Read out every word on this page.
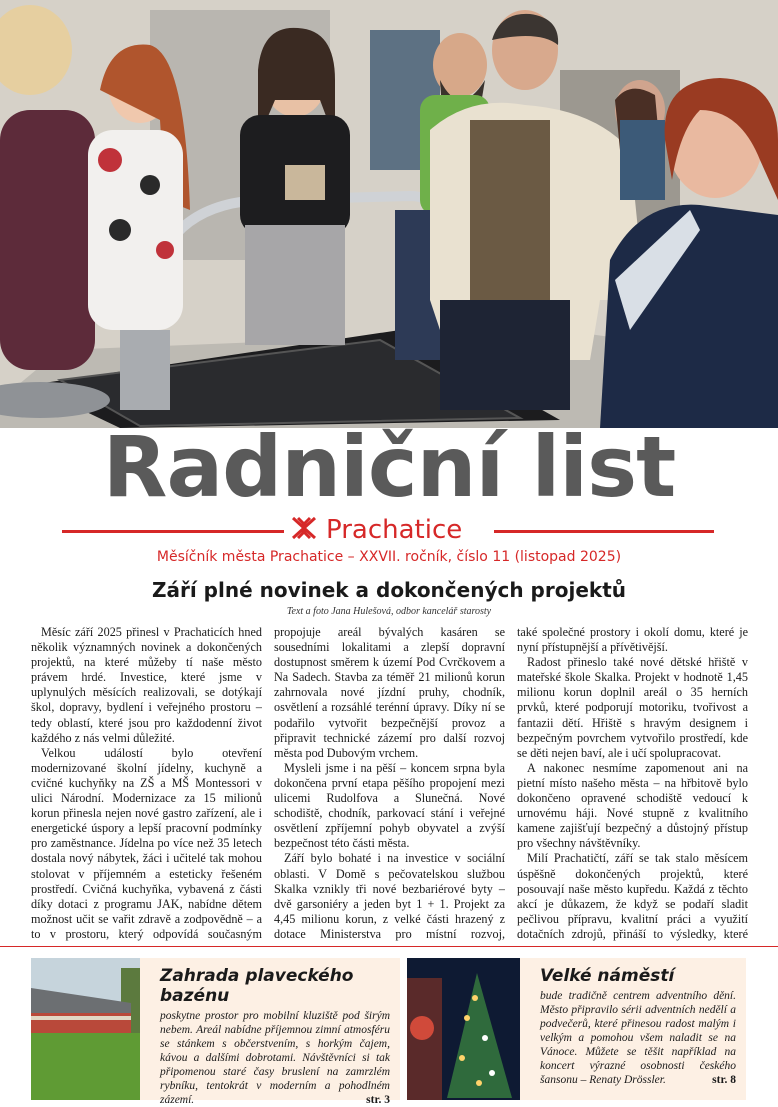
Radniční list
Prachatice
Měsíčník města Prachatice – XXVII. ročník, číslo 11 (listopad 2025)
Září plné novinek a dokončených projektů
Text a foto Jana Hulešová, odbor kancelář starosty

Měsíc září 2025 přinesl v Prachaticích hned několik významných novinek a dokončených projektů, na které můžeby tí naše město právem hrdé. Investice, které jsme v uplynulých měsících realizovali, se dotýkají škol, dopravy, bydlení i veřejného prostoru – tedy oblastí, které jsou pro každodenní život každého z nás velmi důležité.

Velkou událostí bylo otevření modernizované školní jídelny, kuchyně a cvičné kuchyňky na ZŠ a MŠ Montessori v ulici Národní. Modernizace za 15 milionů korun přinesla nejen nové gastro zařízení, ale i energetické úspory a lepší pracovní podmínky pro zaměstnance. Jídelna po více než 35 letech dostala nový nábytek, žáci i učitelé tak mohou stolovat v příjemném a esteticky řešeném prostředí. Cvičná kuchyňka, vybavená z části díky dotaci z programu JAK, nabídne dětem možnost učit se vařit zdravě a zodpovědně – a to v prostoru, který odpovídá současným

propojuje areál bývalých kasáren se sousedními lokalitami a zlepší dopravní dostupnost směrem k území Pod Cvrčkovem a Na Sadech. Stavba za téměř 21 milionů korun zahrnovala nové jízdní pruhy, chodník, osvětlení a rozsáhlé terénní úpravy. Díky ní se podařilo vytvořit bezpečnější provoz a připravit technické zázemí pro další rozvoj města pod Dubovým vrchem.

Mysleli jsme i na pěší – koncem srpna byla dokončena první etapa pěšího propojení mezi ulicemi Rudolfova a Slunečná. Nové schodiště, chodník, parkovací stání i veřejné osvětlení zpříjemní pohyb obyvatel a zvýší bezpečnost této části města.

Září bylo bohaté i na investice v sociální oblasti. V Domě s pečovatelskou službou Skalka vznikly tři nové bezbariérové byty – dvě garsoniéry a jeden byt 1 + 1. Projekt za 4,45 milionu korun, z velké části hrazený z dotace Ministerstva pro místní rozvoj,

také společné prostory i okolí domu, které je nyní přístupnější a přívětivější.

Radost přineslo také nové dětské hřiště v mateřské škole Skalka. Projekt v hodnotě 1,45 milionu korun doplnil areál o 35 herních prvků, které podporují motoriku, tvořivost a fantazii dětí. Hřiště s hravým designem i bezpečným povrchem vytvořilo prostředí, kde se děti nejen baví, ale i učí spolupracovat.

A nakonec nesmíme zapomenout ani na pietní místo našeho města – na hřbitově bylo dokončeno opravené schodiště vedoucí k urnovému háji. Nové stupně z kvalitního kamene zajišťují bezpečný a důstojný přístup pro všechny návštěvníky.

Milí Prachatičtí, září se tak stalo měsícem úspěšně dokončených projektů, které posouvají naše město kupředu. Každá z těchto akcí je důkazem, že když se podaří sladit pečlivou přípravu, kvalitní práci a využití dotačních zdrojů, přináší to výsledky, které

Zahrada plaveckého bazénu

poskytne prostor pro mobilní kluziště pod širým nebem. Areál nabídne příjemnou zimní atmosféru se stánkem s občerstvením, s horkým čajem, kávou a dalšími dobrotami. Návštěvníci si tak připomenou staré časy bruslení na zamrzlém rybníku, tentokrát v moderním a pohodlném zázemí.	str. 3

Velké náměstí

bude tradičně centrem adventního dění. Město připravilo sérii adventních nedělí a podvečerů, které přinesou radost malým i velkým a pomohou všem naladit se na Vánoce. Můžete se těšit například na koncert výrazné osobnosti českého šansonu – Renaty Drössler.	str. 8
